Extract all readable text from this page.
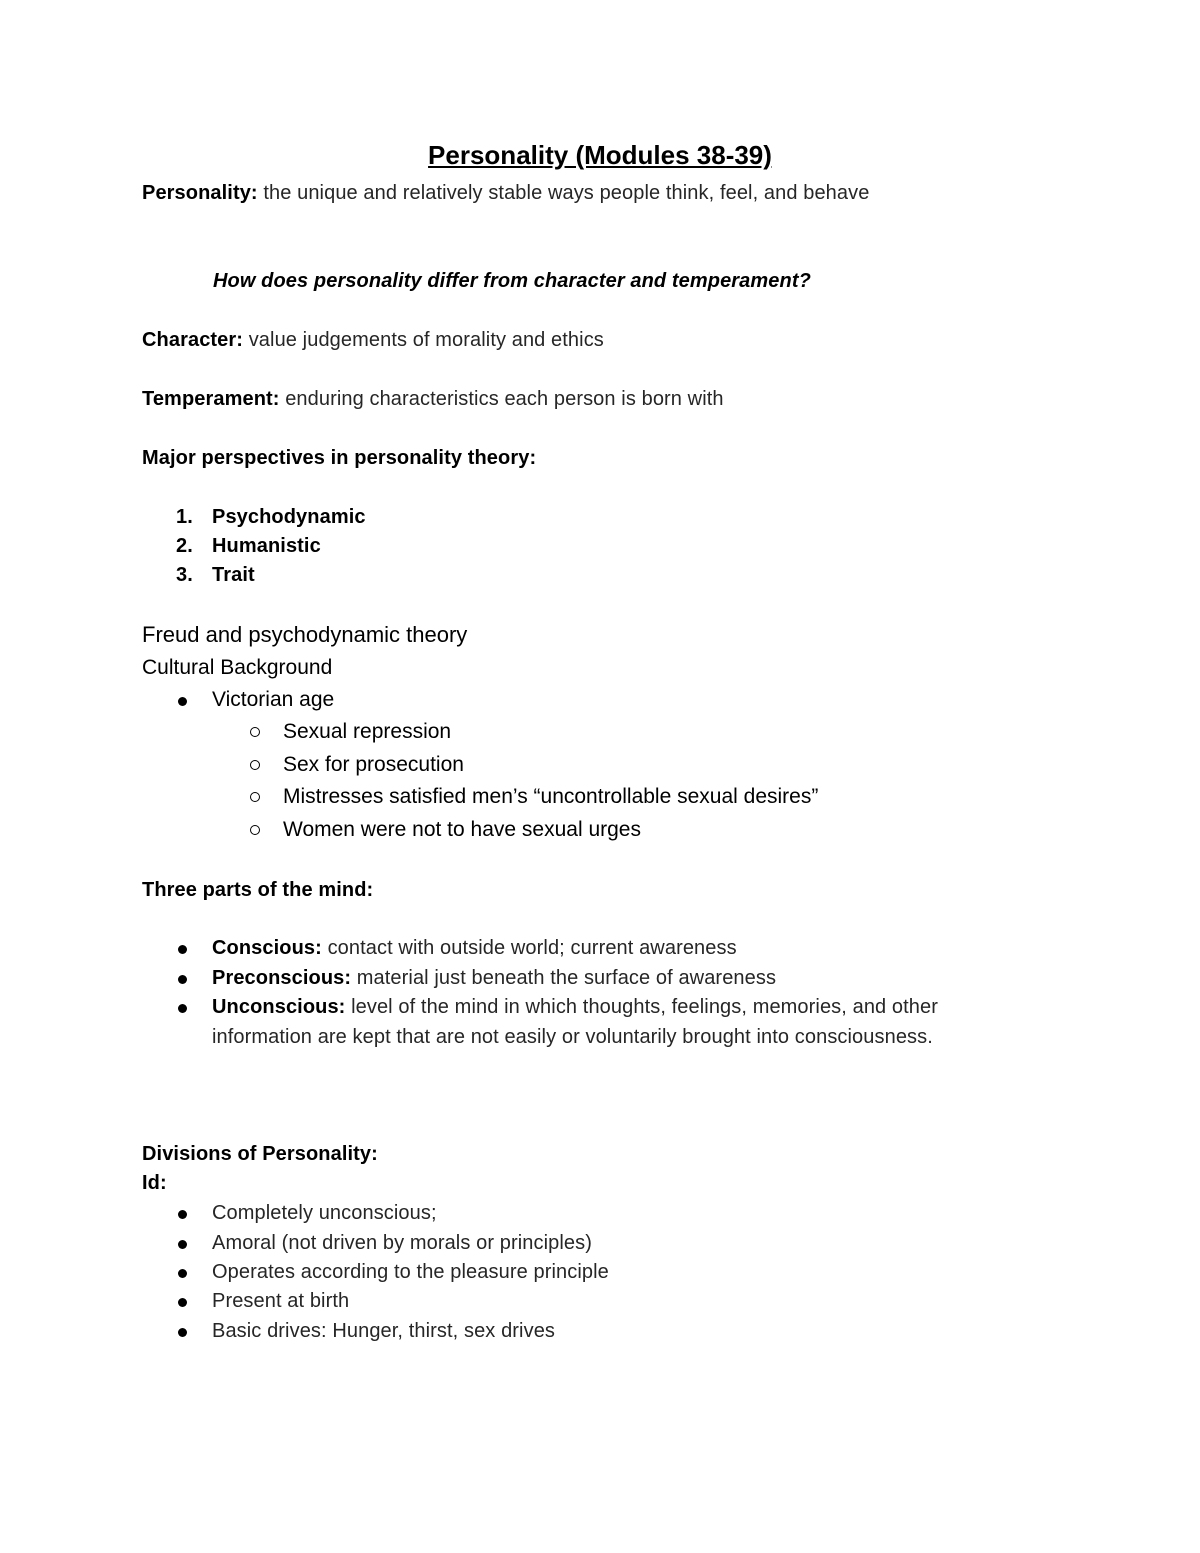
Personality (Modules 38-39)
Personality: the unique and relatively stable ways people think, feel, and behave
How does personality differ from character and temperament?
Character: value judgements of morality and ethics
Temperament: enduring characteristics each person is born with
Major perspectives in personality theory:
1. Psychodynamic
2. Humanistic
3. Trait
Freud and psychodynamic theory
Cultural Background
Victorian age
Sexual repression
Sex for prosecution
Mistresses satisfied men’s “uncontrollable sexual desires”
Women were not to have sexual urges
Three parts of the mind:
Conscious: contact with outside world; current awareness
Preconscious: material just beneath the surface of awareness
Unconscious: level of the mind in which thoughts, feelings, memories, and other
information are kept that are not easily or voluntarily brought into consciousness.
Divisions of Personality:
Id:
Completely unconscious;
Amoral (not driven by morals or principles)
Operates according to the pleasure principle
Present at birth
Basic drives: Hunger, thirst, sex drives
